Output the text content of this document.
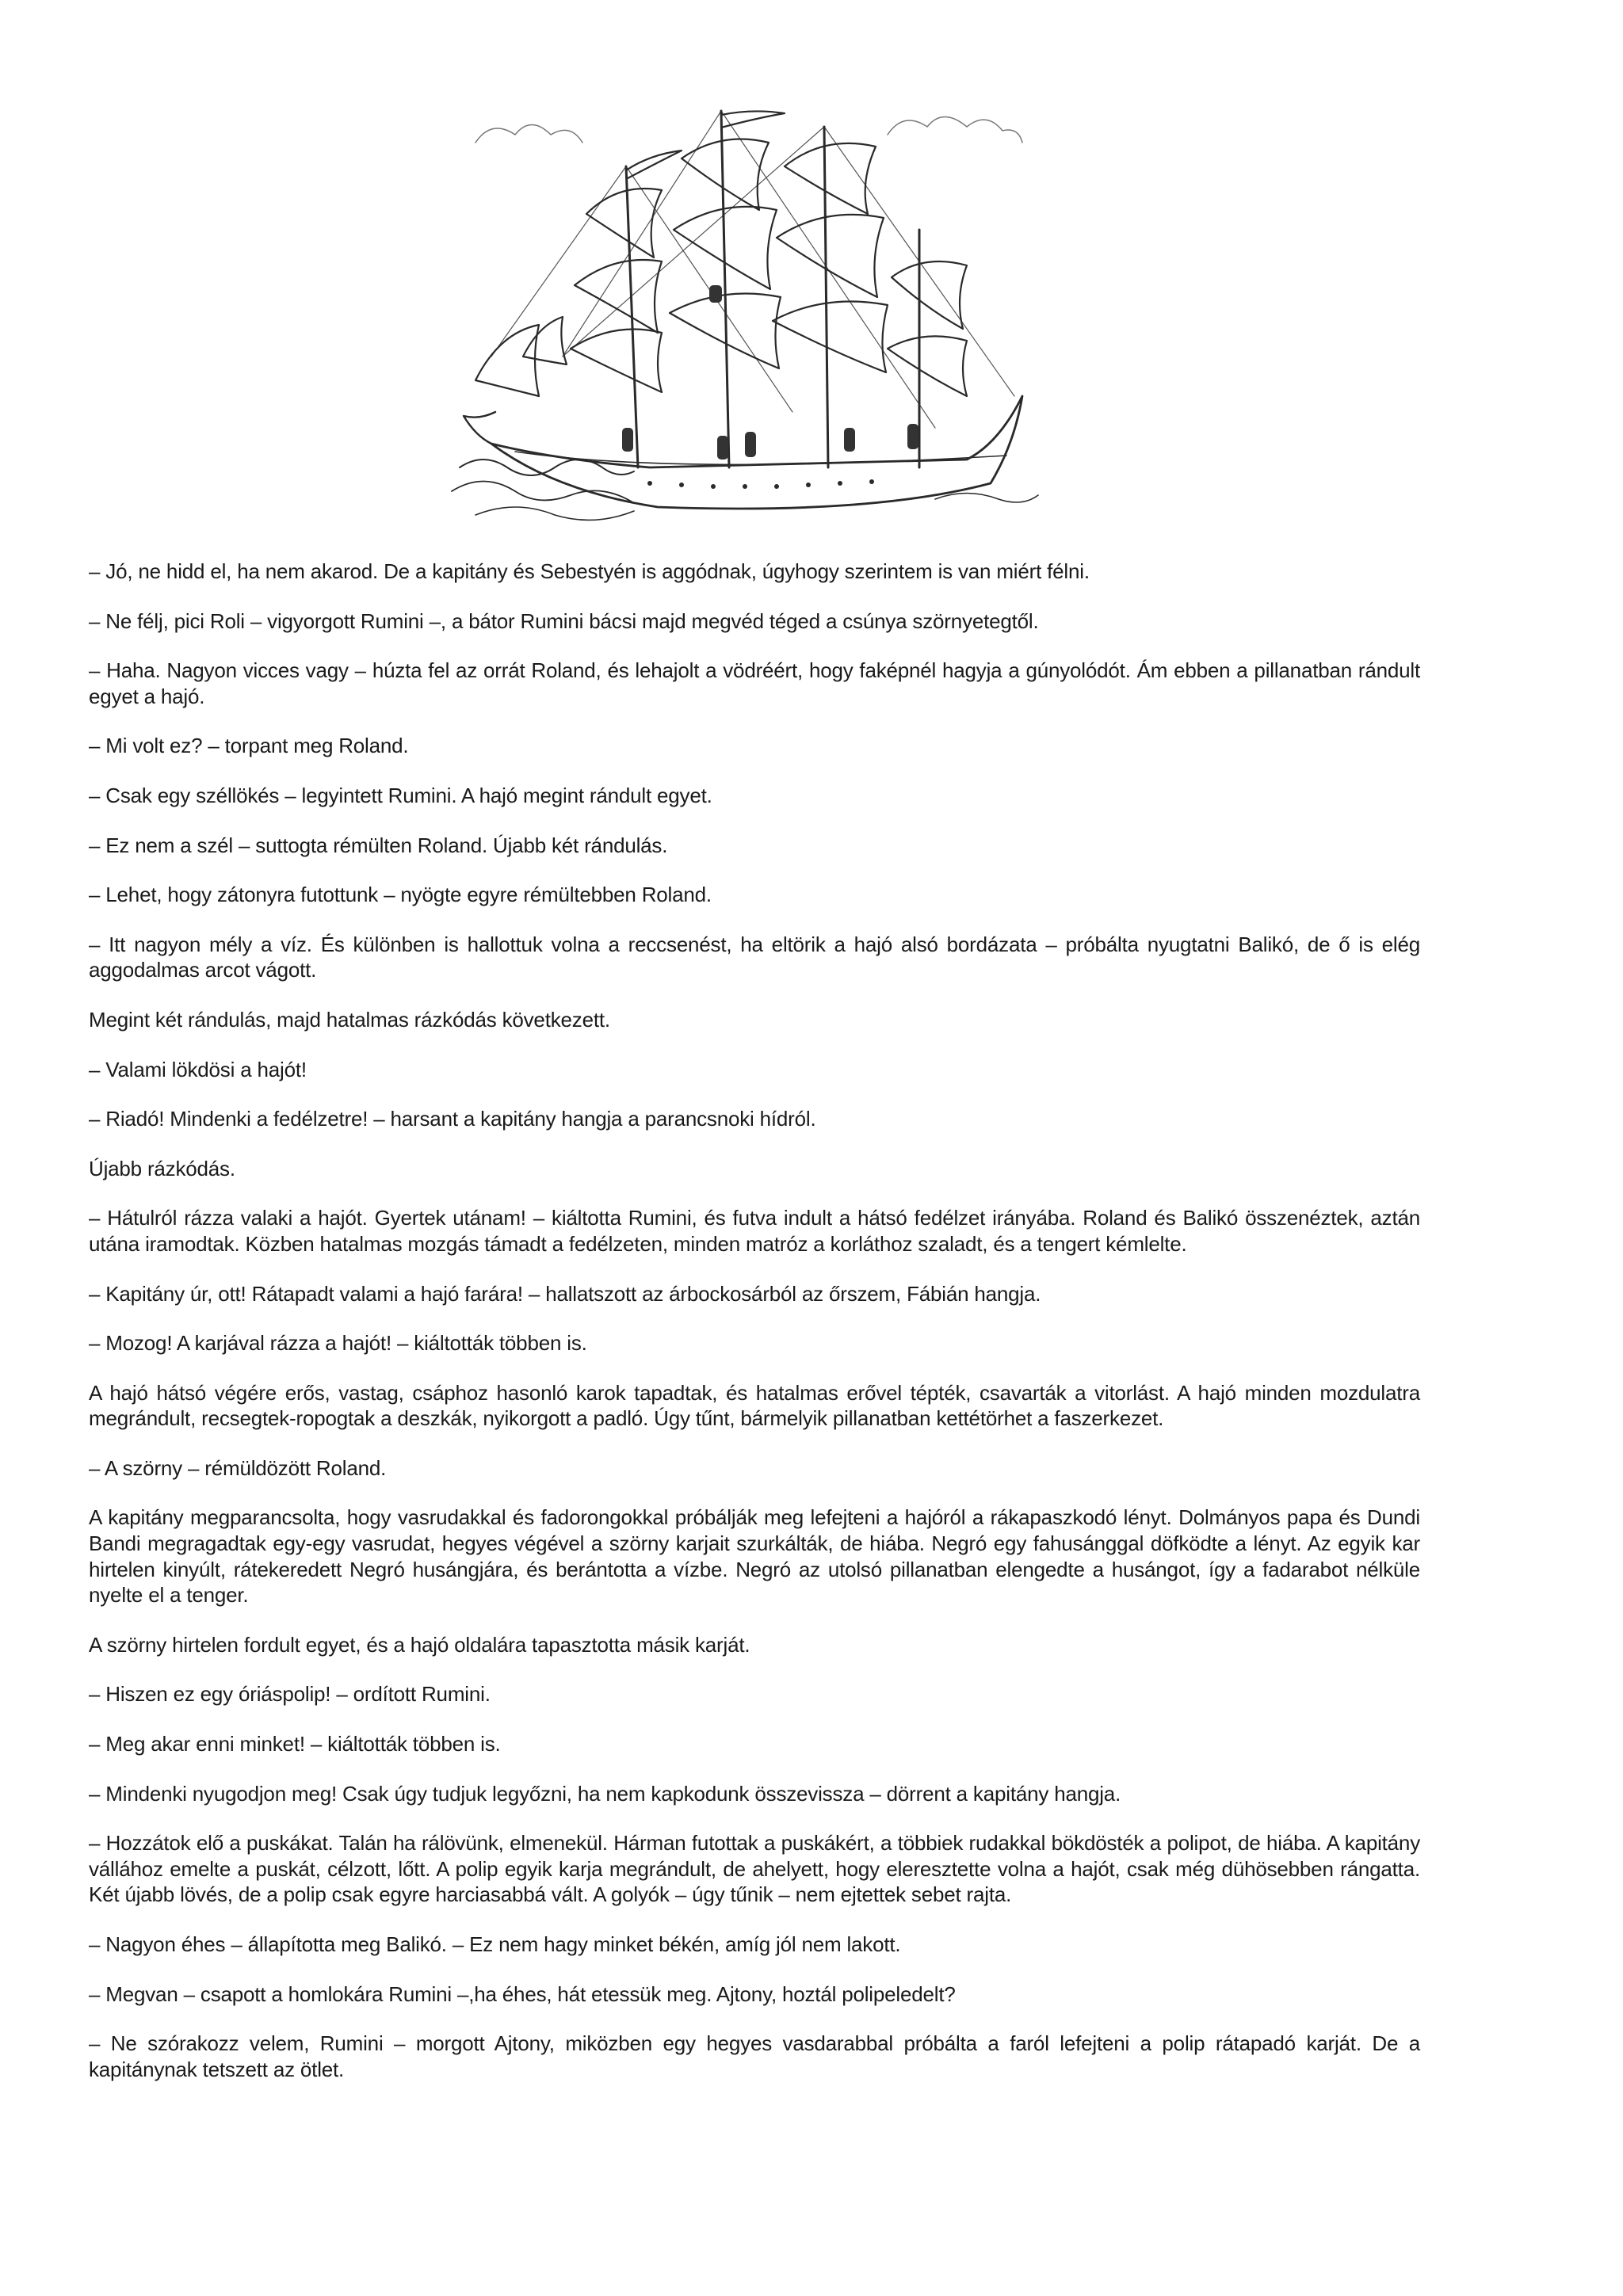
– Jó, ne hidd el, ha nem akarod. De a kapitány és Sebestyén is aggódnak, úgyhogy szerintem is van miért félni.

– Ne félj, pici Roli – vigyorgott Rumini –, a bátor Rumini bácsi majd megvéd téged a csúnya szörnyetegtől.

– Haha. Nagyon vicces vagy – húzta fel az orrát Roland, és lehajolt a vödréért, hogy faképnél hagyja a gúnyolódót. Ám ebben a pillanatban rándult egyet a hajó.

– Mi volt ez? – torpant meg Roland.

– Csak egy széllökés – legyintett Rumini. A hajó megint rándult egyet.

– Ez nem a szél – suttogta rémülten Roland. Újabb két rándulás.

– Lehet, hogy zátonyra futottunk – nyögte egyre rémültebben Roland.

– Itt nagyon mély a víz. És különben is hallottuk volna a reccsenést, ha eltörik a hajó alsó bordázata – próbálta nyugtatni Balikó, de ő is elég aggodalmas arcot vágott.

Megint két rándulás, majd hatalmas rázkódás következett.

– Valami lökdösi a hajót!

– Riadó! Mindenki a fedélzetre! – harsant a kapitány hangja a parancsnoki hídról.

Újabb rázkódás.

– Hátulról rázza valaki a hajót. Gyertek utánam! – kiáltotta Rumini, és futva indult a hátsó fedélzet irányába. Roland és Balikó összenéztek, aztán utána iramodtak. Közben hatalmas mozgás támadt a fedélzeten, minden matróz a korláthoz szaladt, és a tengert kémlelte.

– Kapitány úr, ott! Rátapadt valami a hajó farára! – hallatszott az árbockosárból az őrszem, Fábián hangja.

– Mozog! A karjával rázza a hajót! – kiáltották többen is.

A hajó hátsó végére erős, vastag, csáphoz hasonló karok tapadtak, és hatalmas erővel tépték, csavarták a vitorlást. A hajó minden mozdulatra megrándult, recsegtek-ropogtak a deszkák, nyikorgott a padló. Úgy tűnt, bármelyik pillanatban kettétörhet a faszerkezet.

– A szörny – rémüldözött Roland.

A kapitány megparancsolta, hogy vasrudakkal és fadorongokkal próbálják meg lefejteni a hajóról a rákapaszkodó lényt. Dolmányos papa és Dundi Bandi megragadtak egy-egy vasrudat, hegyes végével a szörny karjait szurkálták, de hiába. Negró egy fahusánggal döfködte a lényt. Az egyik kar hirtelen kinyúlt, rátekeredett Negró husángjára, és berántotta a vízbe. Negró az utolsó pillanatban elengedte a husángot, így a fadarabot nélküle nyelte el a tenger.

A szörny hirtelen fordult egyet, és a hajó oldalára tapasztotta másik karját.

– Hiszen ez egy óriáspolip! – ordított Rumini.

– Meg akar enni minket! – kiáltották többen is.

– Mindenki nyugodjon meg! Csak úgy tudjuk legyőzni, ha nem kapkodunk összevissza – dörrent a kapitány hangja.

– Hozzátok elő a puskákat. Talán ha rálövünk, elmenekül. Hárman futottak a puskákért, a többiek rudakkal bökdösték a polipot, de hiába. A kapitány vállához emelte a puskát, célzott, lőtt. A polip egyik karja megrándult, de ahelyett, hogy eleresztette volna a hajót, csak még dühösebben rángatta. Két újabb lövés, de a polip csak egyre harciasabbá vált. A golyók – úgy tűnik – nem ejtettek sebet rajta.

– Nagyon éhes – állapította meg Balikó. – Ez nem hagy minket békén, amíg jól nem lakott.

– Megvan – csapott a homlokára Rumini –,ha éhes, hát etessük meg. Ajtony, hoztál polipeledelt?

– Ne szórakozz velem, Rumini – morgott Ajtony, miközben egy hegyes vasdarabbal próbálta a faról lefejteni a polip rátapadó karját. De a kapitánynak tetszett az ötlet.
